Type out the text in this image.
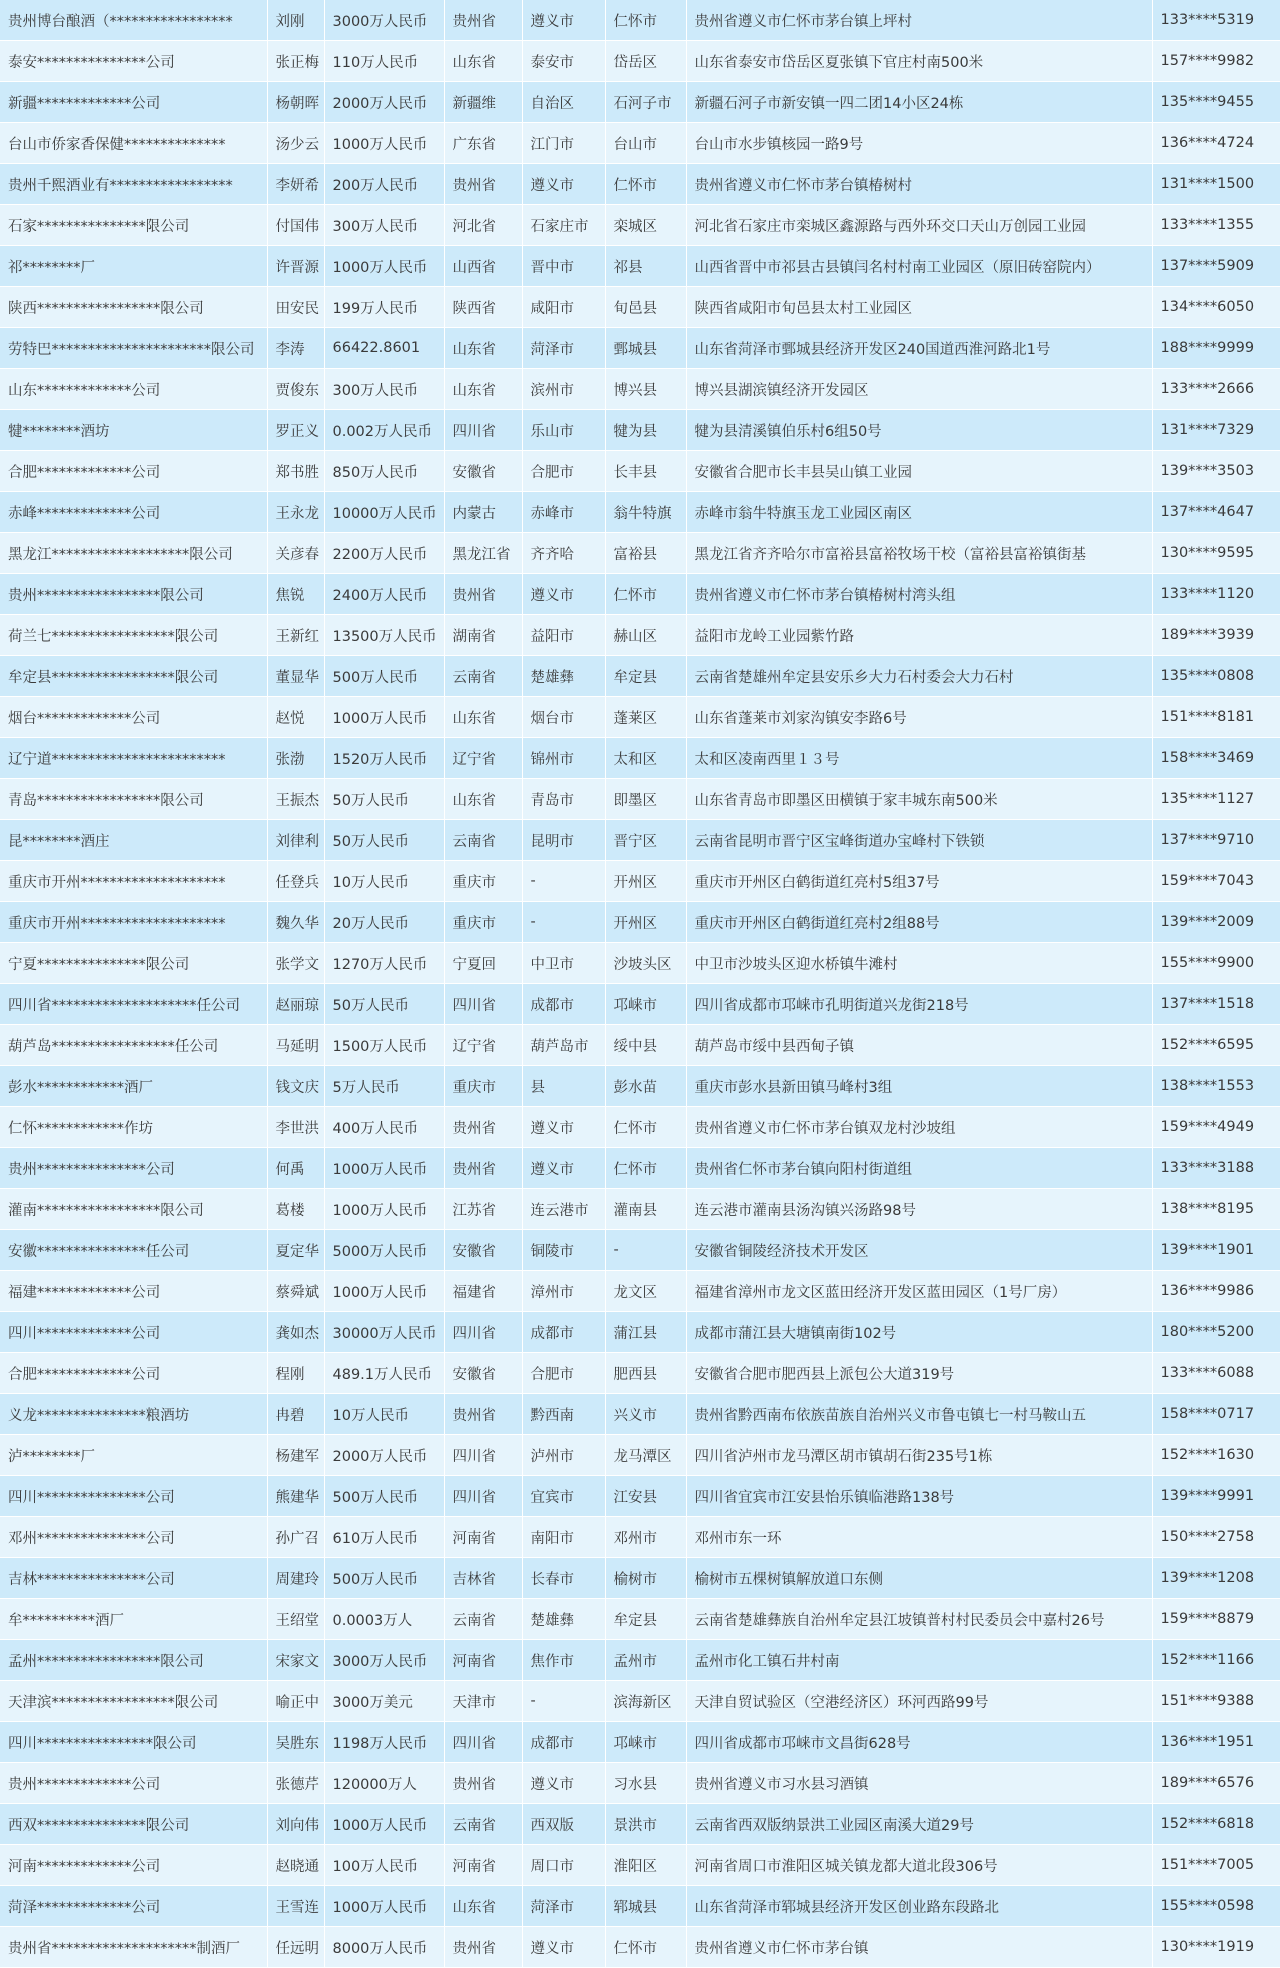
贵州博台酿酒（*****************	刘刚	3000万人民币	贵州省	遵义市	仁怀市	贵州省遵义市仁怀市茅台镇上坪村	133****5319
泰安***************公司	张正梅	110万人民币	山东省	泰安市	岱岳区	山东省泰安市岱岳区夏张镇下官庄村南500米	157****9982
新疆*************公司	杨朝晖	2000万人民币	新疆维	自治区	石河子市	新疆石河子市新安镇一四二团14小区24栋	135****9455
台山市侨家香保健**************	汤少云	1000万人民币	广东省	江门市	台山市	台山市水步镇核园一路9号	136****4724
贵州千熙酒业有*****************	李妍希	200万人民币	贵州省	遵义市	仁怀市	贵州省遵义市仁怀市茅台镇椿树村	131****1500
石家***************限公司	付国伟	300万人民币	河北省	石家庄市	栾城区	河北省石家庄市栾城区鑫源路与西外环交口天山万创园工业园	133****1355
祁********厂	许晋源	1000万人民币	山西省	晋中市	祁县	山西省晋中市祁县古县镇闫名村村南工业园区（原旧砖窑院内）	137****5909
陕西*****************限公司	田安民	199万人民币	陕西省	咸阳市	旬邑县	陕西省咸阳市旬邑县太村工业园区	134****6050
劳特巴**********************限公司	李涛	66422.8601	山东省	菏泽市	鄄城县	山东省菏泽市鄄城县经济开发区240国道西淮河路北1号	188****9999
山东*************公司	贾俊东	300万人民币	山东省	滨州市	博兴县	博兴县湖滨镇经济开发园区	133****2666
犍********酒坊	罗正义	0.002万人民币	四川省	乐山市	犍为县	犍为县清溪镇伯乐村6组50号	131****7329
合肥*************公司	郑书胜	850万人民币	安徽省	合肥市	长丰县	安徽省合肥市长丰县吴山镇工业园	139****3503
赤峰*************公司	王永龙	10000万人民币	内蒙古	赤峰市	翁牛特旗	赤峰市翁牛特旗玉龙工业园区南区	137****4647
黑龙江*******************限公司	关彦春	2200万人民币	黑龙江省	齐齐哈	富裕县	黑龙江省齐齐哈尔市富裕县富裕牧场干校（富裕县富裕镇街基	130****9595
贵州*****************限公司	焦锐	2400万人民币	贵州省	遵义市	仁怀市	贵州省遵义市仁怀市茅台镇椿树村湾头组	133****1120
荷兰七*****************限公司	王新红	13500万人民币	湖南省	益阳市	赫山区	益阳市龙岭工业园紫竹路	189****3939
牟定县*****************限公司	董显华	500万人民币	云南省	楚雄彝	牟定县	云南省楚雄州牟定县安乐乡大力石村委会大力石村	135****0808
烟台*************公司	赵悦	1000万人民币	山东省	烟台市	蓬莱区	山东省蓬莱市刘家沟镇安李路6号	151****8181
辽宁道************************	张渤	1520万人民币	辽宁省	锦州市	太和区	太和区凌南西里１３号	158****3469
青岛*****************限公司	王振杰	50万人民币	山东省	青岛市	即墨区	山东省青岛市即墨区田横镇于家丰城东南500米	135****1127
昆********酒庄	刘律利	50万人民币	云南省	昆明市	晋宁区	云南省昆明市晋宁区宝峰街道办宝峰村下铁锁	137****9710
重庆市开州********************	任登兵	10万人民币	重庆市	-	开州区	重庆市开州区白鹤街道红亮村5组37号	159****7043
重庆市开州********************	魏久华	20万人民币	重庆市	-	开州区	重庆市开州区白鹤街道红亮村2组88号	139****2009
宁夏***************限公司	张学文	1270万人民币	宁夏回	中卫市	沙坡头区	中卫市沙坡头区迎水桥镇牛滩村	155****9900
四川省********************任公司	赵丽琼	50万人民币	四川省	成都市	邛崃市	四川省成都市邛崃市孔明街道兴龙街218号	137****1518
葫芦岛*****************任公司	马延明	1500万人民币	辽宁省	葫芦岛市	绥中县	葫芦岛市绥中县西甸子镇	152****6595
彭水************酒厂	钱文庆	5万人民币	重庆市	县	彭水苗	重庆市彭水县新田镇马峰村3组	138****1553
仁怀************作坊	李世洪	400万人民币	贵州省	遵义市	仁怀市	贵州省遵义市仁怀市茅台镇双龙村沙坡组	159****4949
贵州***************公司	何禹	1000万人民币	贵州省	遵义市	仁怀市	贵州省仁怀市茅台镇向阳村街道组	133****3188
灌南*****************限公司	葛楼	1000万人民币	江苏省	连云港市	灌南县	连云港市灌南县汤沟镇兴汤路98号	138****8195
安徽***************任公司	夏定华	5000万人民币	安徽省	铜陵市	-	安徽省铜陵经济技术开发区	139****1901
福建*************公司	蔡舜斌	1000万人民币	福建省	漳州市	龙文区	福建省漳州市龙文区蓝田经济开发区蓝田园区（1号厂房）	136****9986
四川*************公司	龚如杰	30000万人民币	四川省	成都市	蒲江县	成都市蒲江县大塘镇南街102号	180****5200
合肥*************公司	程刚	489.1万人民币	安徽省	合肥市	肥西县	安徽省合肥市肥西县上派包公大道319号	133****6088
义龙***************粮酒坊	冉碧	10万人民币	贵州省	黔西南	兴义市	贵州省黔西南布依族苗族自治州兴义市鲁屯镇七一村马鞍山五	158****0717
泸********厂	杨建军	2000万人民币	四川省	泸州市	龙马潭区	四川省泸州市龙马潭区胡市镇胡石街235号1栋	152****1630
四川***************公司	熊建华	500万人民币	四川省	宜宾市	江安县	四川省宜宾市江安县怡乐镇临港路138号	139****9991
邓州***************公司	孙广召	610万人民币	河南省	南阳市	邓州市	邓州市东一环	150****2758
吉林***************公司	周建玲	500万人民币	吉林省	长春市	榆树市	榆树市五棵树镇解放道口东侧	139****1208
牟**********酒厂	王绍堂	0.0003万人	云南省	楚雄彝	牟定县	云南省楚雄彝族自治州牟定县江坡镇普村村民委员会中嘉村26号	159****8879
孟州*****************限公司	宋家文	3000万人民币	河南省	焦作市	孟州市	孟州市化工镇石井村南	152****1166
天津滨*****************限公司	喻正中	3000万美元	天津市	-	滨海新区	天津自贸试验区（空港经济区）环河西路99号	151****9388
四川****************限公司	吴胜东	1198万人民币	四川省	成都市	邛崃市	四川省成都市邛崃市文昌街628号	136****1951
贵州*************公司	张德芹	120000万人	贵州省	遵义市	习水县	贵州省遵义市习水县习酒镇	189****6576
西双***************限公司	刘向伟	1000万人民币	云南省	西双版	景洪市	云南省西双版纳景洪工业园区南溪大道29号	152****6818
河南*************公司	赵晓通	100万人民币	河南省	周口市	淮阳区	河南省周口市淮阳区城关镇龙都大道北段306号	151****7005
菏泽*************公司	王雪连	1000万人民币	山东省	菏泽市	郓城县	山东省菏泽市郓城县经济开发区创业路东段路北	155****0598
贵州省********************制酒厂	任远明	8000万人民币	贵州省	遵义市	仁怀市	贵州省遵义市仁怀市茅台镇	130****1919
